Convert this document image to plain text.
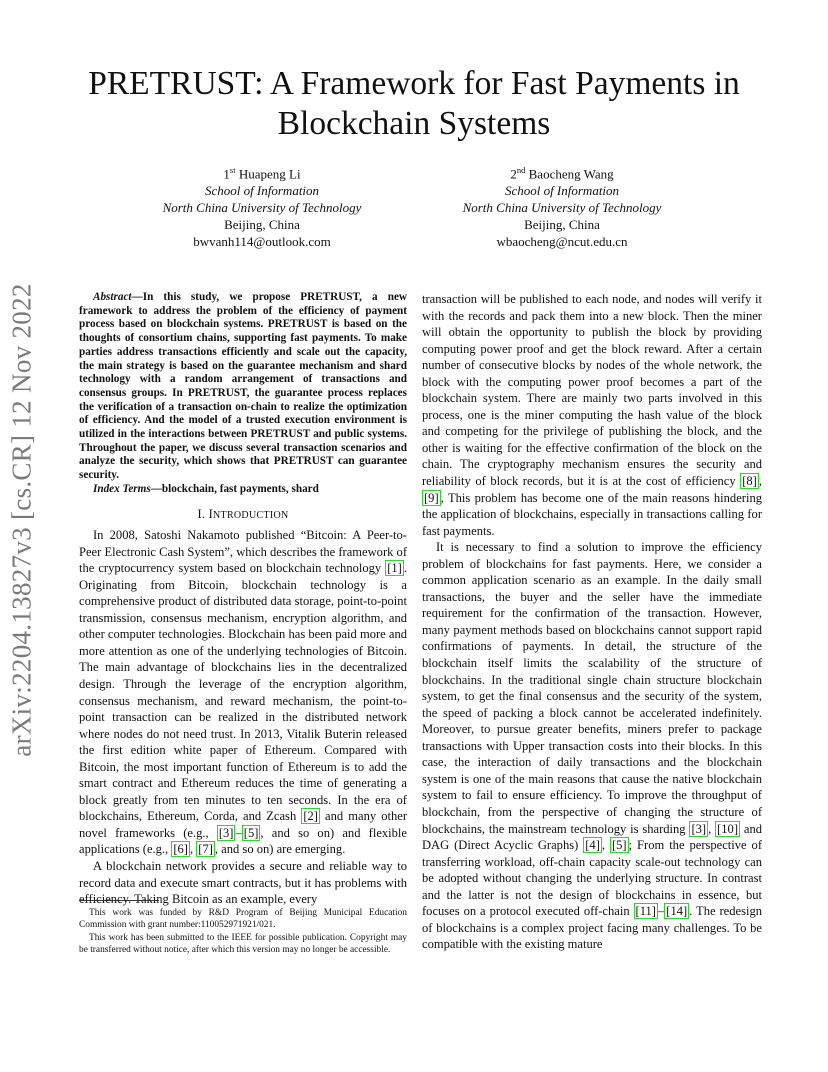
arXiv:2204.13827v3 [cs.CR] 12 Nov 2022
PRETRUST: A Framework for Fast Payments in Blockchain Systems
1st Huapeng Li
School of Information
North China University of Technology
Beijing, China
bwvanh114@outlook.com
2nd Baocheng Wang
School of Information
North China University of Technology
Beijing, China
wbaocheng@ncut.edu.cn

Abstract—In this study, we propose PRETRUST, a new framework to address the problem of the efficiency of payment process based on blockchain systems. PRETRUST is based on the thoughts of consortium chains, supporting fast payments. To make parties address transactions efficiently and scale out the capacity, the main strategy is based on the guarantee mechanism and shard technology with a random arrangement of transactions and consensus groups. In PRETRUST, the guarantee process replaces the verification of a transaction on-chain to realize the optimization of efficiency. And the model of a trusted execution environment is utilized in the interactions between PRETRUST and public systems. Throughout the paper, we discuss several transaction scenarios and analyze the security, which shows that PRETRUST can guarantee security.

Index Terms—blockchain, fast payments, shard

I. INTRODUCTION

In 2008, Satoshi Nakamoto published “Bitcoin: A Peer-to-Peer Electronic Cash System”, which describes the framework of the cryptocurrency system based on blockchain technology [1] . Originating from Bitcoin, blockchain technology is a comprehensive product of distributed data storage, point-to-point transmission, consensus mechanism, encryption algorithm, and other computer technologies. Blockchain has been paid more and more attention as one of the underlying technologies of Bitcoin. The main advantage of blockchains lies in the decentralized design. Through the leverage of the encryption algorithm, consensus mechanism, and reward mechanism, the point-to-point transaction can be realized in the distributed network where nodes do not need trust. In 2013, Vitalik Buterin released the first edition white paper of Ethereum. Compared with Bitcoin, the most important function of Ethereum is to add the smart contract and Ethereum reduces the time of generating a block greatly from ten minutes to ten seconds. In the era of blockchains, Ethereum, Corda, and Zcash [2] and many other novel frameworks (e.g., [3] – [5] , and so on) and flexible applications (e.g., [6] , [7] , and so on) are emerging.

A blockchain network provides a secure and reliable way to record data and execute smart contracts, but it has problems with efficiency. Taking Bitcoin as an example, every

This work was funded by R&D Program of Beijing Municipal Education Commission with grant number:110052971921/021.

This work has been submitted to the IEEE for possible publication. Copyright may be transferred without notice, after which this version may no longer be accessible.

transaction will be published to each node, and nodes will verify it with the records and pack them into a new block. Then the miner will obtain the opportunity to publish the block by providing computing power proof and get the block reward. After a certain number of consecutive blocks by nodes of the whole network, the block with the computing power proof becomes a part of the blockchain system. There are mainly two parts involved in this process, one is the miner computing the hash value of the block and competing for the privilege of publishing the block, and the other is waiting for the effective confirmation of the block on the chain. The cryptography mechanism ensures the security and reliability of block records, but it is at the cost of efficiency [8] , [9] , This problem has become one of the main reasons hindering the application of blockchains, especially in transactions calling for fast payments.

It is necessary to find a solution to improve the efficiency problem of blockchains for fast payments. Here, we consider a common application scenario as an example. In the daily small transactions, the buyer and the seller have the immediate requirement for the confirmation of the transaction. However, many payment methods based on blockchains cannot support rapid confirmations of payments. In detail, the structure of the blockchain itself limits the scalability of the structure of blockchains. In the traditional single chain structure blockchain system, to get the final consensus and the security of the system, the speed of packing a block cannot be accelerated indefinitely. Moreover, to pursue greater benefits, miners prefer to package transactions with Upper transaction costs into their blocks. In this case, the interaction of daily transactions and the blockchain system is one of the main reasons that cause the native blockchain system to fail to ensure efficiency. To improve the throughput of blockchain, from the perspective of changing the structure of blockchains, the mainstream technology is sharding [3] , [10] and DAG (Direct Acyclic Graphs) [4] , [5] ; From the perspective of transferring workload, off-chain capacity scale-out technology can be adopted without changing the underlying structure. In contrast and the latter is not the design of blockchains in essence, but focuses on a protocol executed off-chain [11] – [14] . The redesign of blockchains is a complex project facing many challenges. To be compatible with the existing mature
